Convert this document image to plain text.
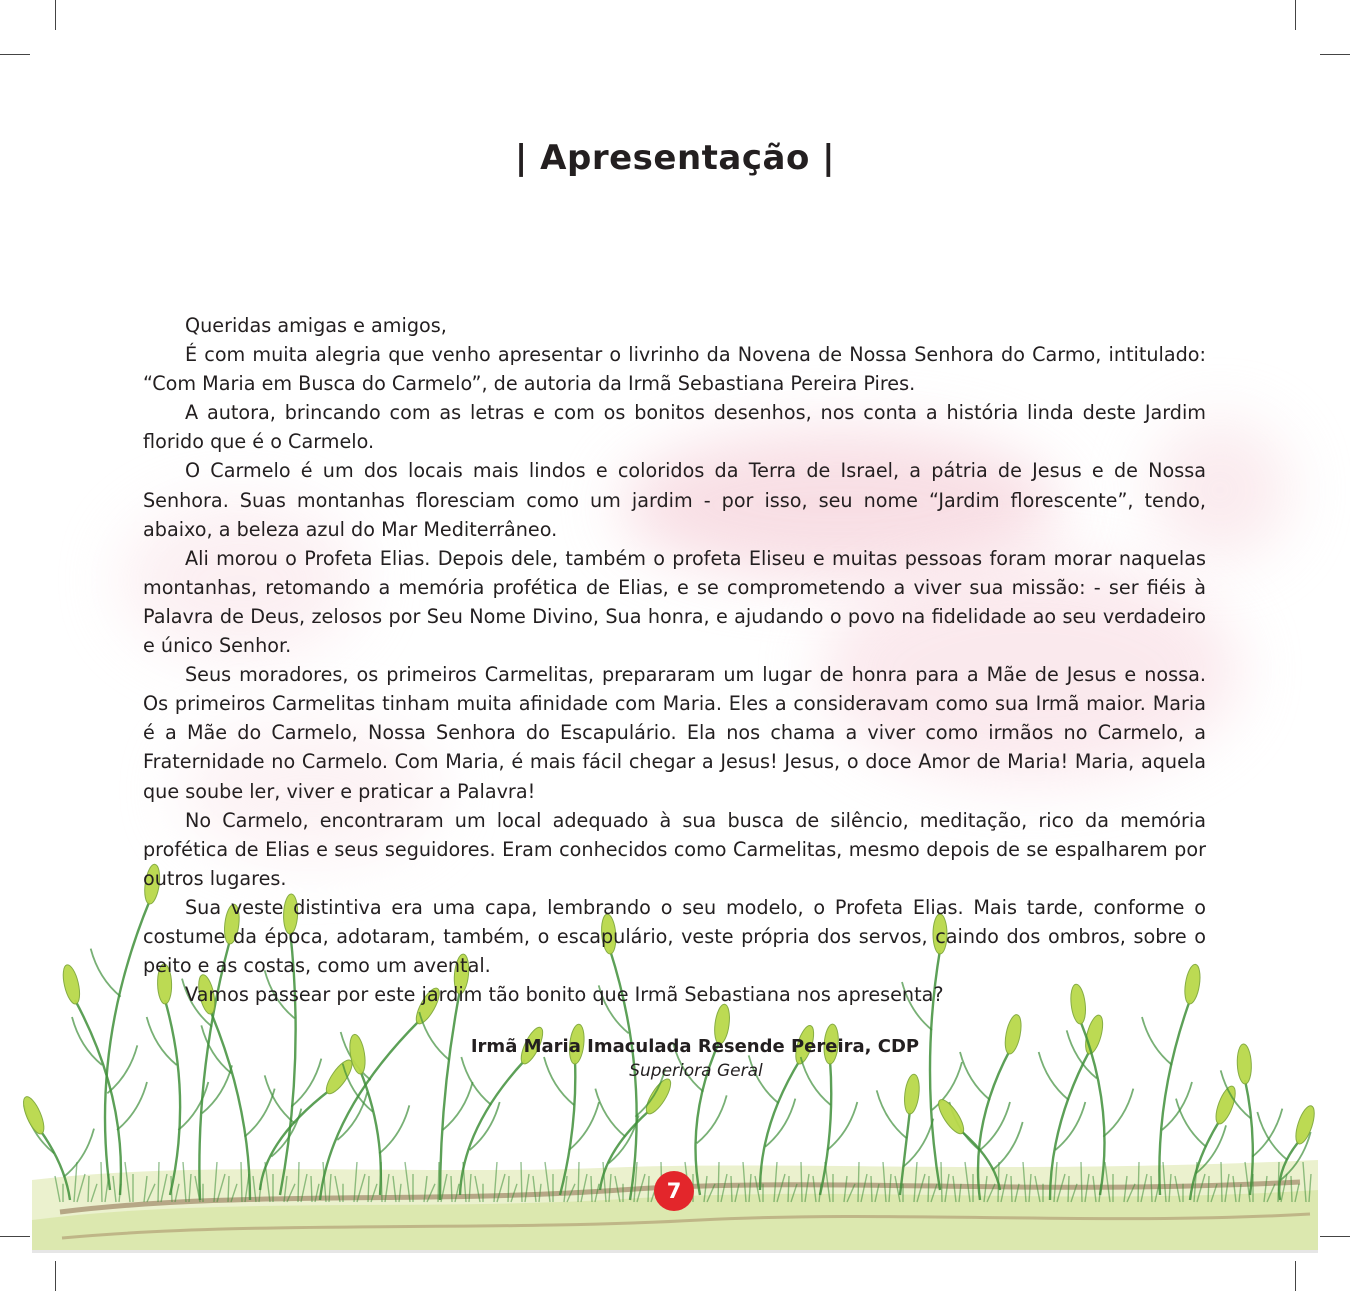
| Apresentação |

Queridas amigas e amigos,

É com muita alegria que venho apresentar o livrinho da Novena de Nossa Senhora do Carmo, intitulado: “Com Maria em Busca do Carmelo”, de autoria da Irmã Sebastiana Pereira Pires.

A autora, brincando com as letras e com os bonitos desenhos, nos conta a história linda deste Jardim florido que é o Carmelo.

O Carmelo é um dos locais mais lindos e coloridos da Terra de Israel, a pátria de Jesus e de Nossa Senhora. Suas montanhas floresciam como um jardim - por isso, seu nome “Jardim florescente”, tendo, abaixo, a beleza azul do Mar Mediterrâneo.

Ali morou o Profeta Elias. Depois dele, também o profeta Eliseu e muitas pessoas foram morar naquelas montanhas, retomando a memória profética de Elias, e se comprometendo a viver sua missão: - ser fiéis à Palavra de Deus, zelosos por Seu Nome Divino, Sua honra, e ajudando o povo na fidelidade ao seu verdadeiro e único Senhor.

Seus moradores, os primeiros Carmelitas, prepararam um lugar de honra para a Mãe de Jesus e nossa. Os primeiros Carmelitas tinham muita afinidade com Maria. Eles a consideravam como sua Irmã maior. Maria é a Mãe do Carmelo, Nossa Senhora do Escapulário. Ela nos chama a viver como irmãos no Carmelo, a Fraternidade no Carmelo. Com Maria, é mais fácil chegar a Jesus! Jesus, o doce Amor de Maria! Maria, aquela que soube ler, viver e praticar a Palavra!

No Carmelo, encontraram um local adequado à sua busca de silêncio, meditação, rico da memória profética de Elias e seus seguidores. Eram conhecidos como Carmelitas, mesmo depois de se espalharem por outros lugares.

Sua veste distintiva era uma capa, lembrando o seu modelo, o Profeta Elias. Mais tarde, conforme o costume da época, adotaram, também, o escapulário, veste própria dos servos, caindo dos ombros, sobre o peito e as costas, como um avental.

Vamos passear por este jardim tão bonito que Irmã Sebastiana nos apresenta?

Irmã Maria Imaculada Resende Pereira, CDP
Superiora Geral
7
